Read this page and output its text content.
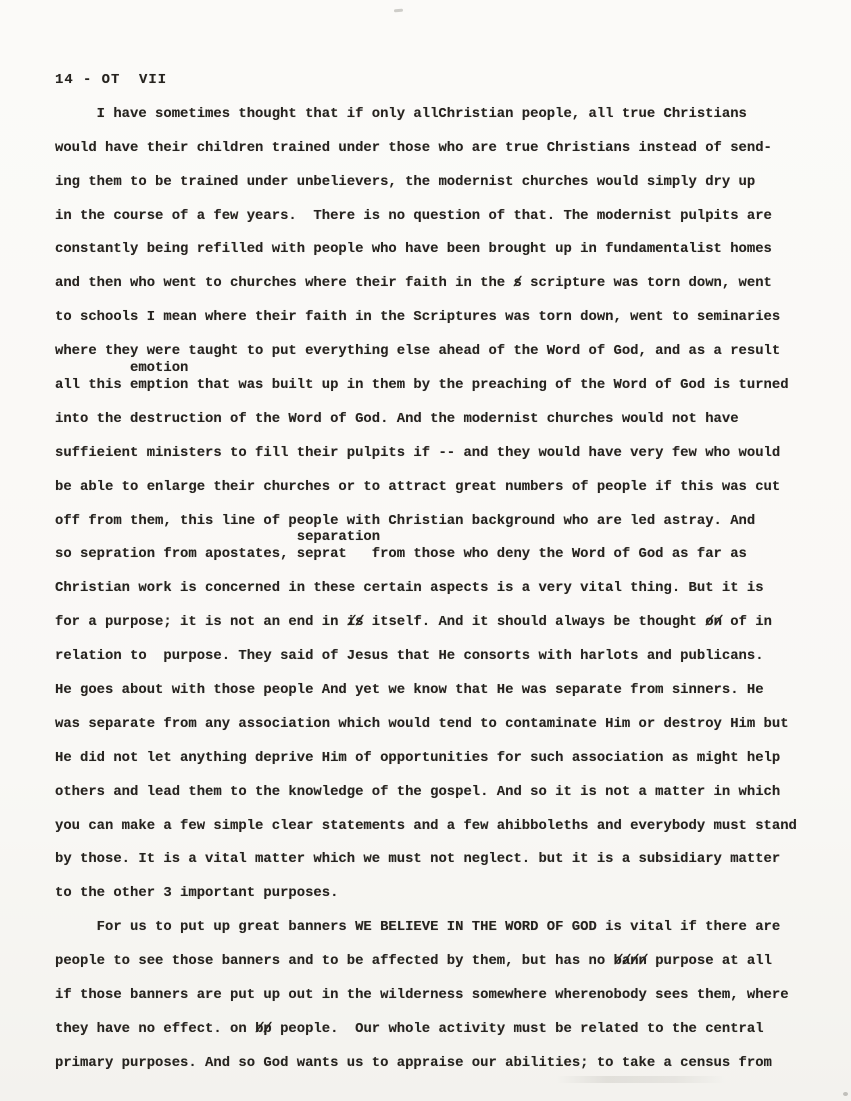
14 - OT  VII
I have sometimes thought that if only allChristian people, all true Christians
would have their children trained under those who are true Christians instead of send-
ing them to be trained under unbelievers, the modernist churches would simply dry up
in the course of a few years.  There is no question of that. The modernist pulpits are
constantly being refilled with people who have been brought up in fundamentalist homes
and then who went to churches where their faith in the s / scripture was torn down, went
to schools I mean where their faith in the Scriptures was torn down, went to seminaries
where they were taught to put everything else ahead of the Word of God, and as a result
emotion
all this emption that was built up in them by the preaching of the Word of God is turned
into the destruction of the Word of God. And the modernist churches would not have
suffieient ministers to fill their pulpits if -- and they would have very few who would
be able to enlarge their churches or to attract great numbers of people if this was cut
off from them, this line of people with Christian background who are led astray. And
separation
so sepration from apostates, seprat   from those who deny the Word of God as far as
Christian work is concerned in these certain aspects is a very vital thing. But it is
for a purpose; it is not an end in i /s / itself. And it should always be thought o /n / of in
relation to  purpose. They said of Jesus that He consorts with harlots and publicans.
He goes about with those people And yet we know that He was separate from sinners. He
was separate from any association which would tend to contaminate Him or destroy Him but
He did not let anything deprive Him of opportunities for such association as might help
others and lead them to the knowledge of the gospel. And so it is not a matter in which
you can make a few simple clear statements and a few ahibboleths and everybody must stand
by those. It is a vital matter which we must not neglect. but it is a subsidiary matter
to the other 3 important purposes.
For us to put up great banners WE BELIEVE IN THE WORD OF GOD is vital if there are
people to see those banners and to be affected by them, but has no b /a /n /n / purpose at all
if those banners are put up out in the wilderness somewhere wherenobody sees them, where
they have no effect. on b /p / people.  Our whole activity must be related to the central
primary purposes. And so God wants us to appraise our abilities; to take a census from
